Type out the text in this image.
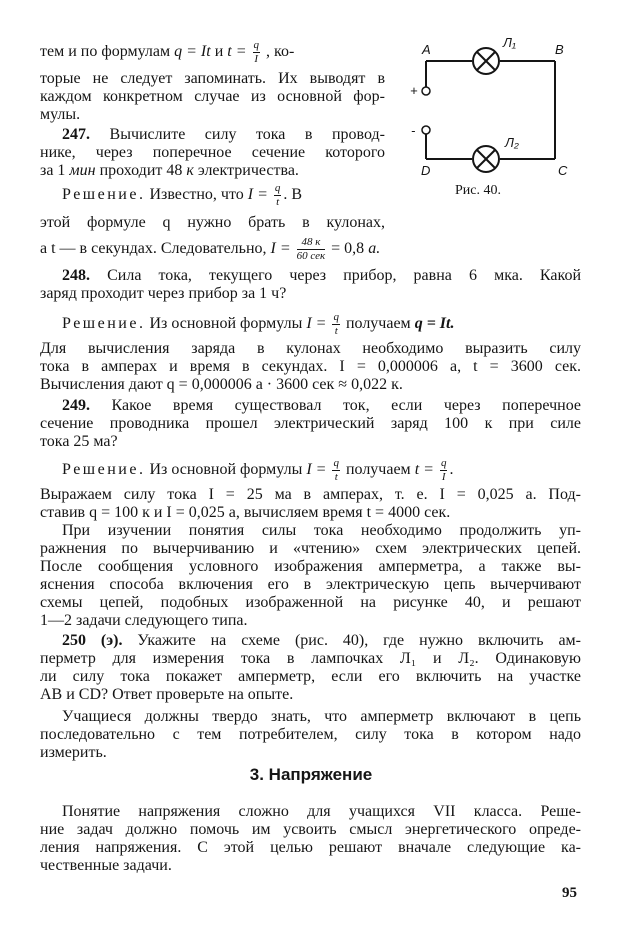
тем и по формулам q = It и $t = \frac{q}{I}$ , ко-
торые не следует запоминать. Их выводят в
каждом конкретном случае из основной фор-
мулы.
247. Вычислите силу тока в провод-
нике, через поперечное сечение которого
за 1 мин проходит 48 к электричества.
Решение. Известно, что $I = \frac{q}{t}$ . В
этой формуле q нужно брать в кулонах,
а t — в секундах. Следовательно, $I = \frac{48 к}{\text{60 сек}} = 0,8$ а.
A	B
C
D
Л₁
Л₂
+
-
Рис. 40.
248. Сила тока, текущего через прибор, равна 6 мка. Какой
заряд проходит через прибор за 1 ч?
Решение. Из основной формулы $I = \frac{q}{t}$ получаем q = It.
Для вычисления заряда в кулонах необходимо выразить силу
тока в амперах и время в секундах. I = 0,000006 а, t = 3600 сек.
Вычисления дают q = 0,000006 а · 3600 сек ≈ 0,022 к.
249. Какое время существовал ток, если через поперечное
сечение проводника прошел электрический заряд 100 к при силе
тока 25 ма?
Решение. Из основной формулы $I = \frac{q}{t}$ получаем $t = \frac{q}{I}$ .
Выражаем силу тока I = 25 ма в амперах, т. е. I = 0,025 а. Под-
ставив q = 100 к и I = 0,025 а, вычисляем время t = 4000 сек.
При изучении понятия силы тока необходимо продолжить уп-
ражнения по вычерчиванию и «чтению» схем электрических цепей.
После сообщения условного изображения амперметра, а также вы-
яснения способа включения его в электрическую цепь вычерчивают
схемы цепей, подобных изображенной на рисунке 40, и решают
1—2 задачи следующего типа.
250 (э). Укажите на схеме (рис. 40), где нужно включить ам-
перметр для измерения тока в лампочках Л₁ и Л₂. Одинаковую
ли силу тока покажет амперметр, если его включить на участке
AB и CD? Ответ проверьте на опыте.
Учащиеся должны твердо знать, что амперметр включают в цепь
последовательно с тем потребителем, силу тока в котором надо
измерить.
3. Напряжение
Понятие напряжения сложно для учащихся VII класса. Реше-
ние задач должно помочь им усвоить смысл энергетического опреде-
ления напряжения. С этой целью решают вначале следующие ка-
чественные задачи.
95
